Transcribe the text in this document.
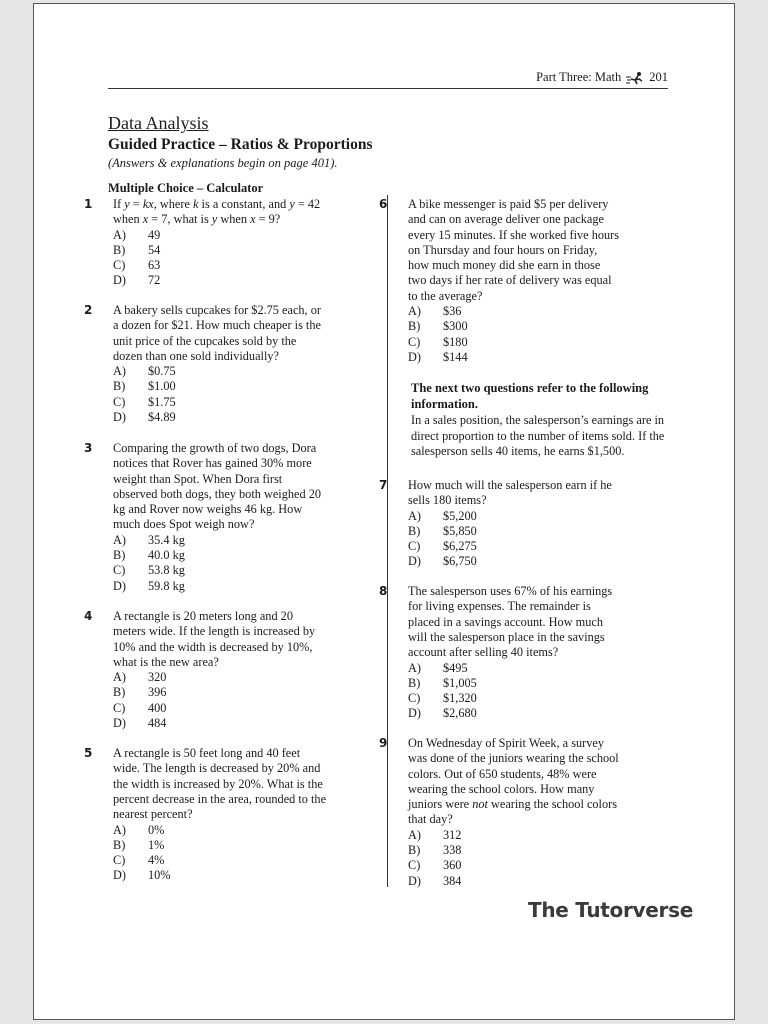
Part Three: Math 201
Data Analysis
Guided Practice – Ratios & Proportions
(Answers & explanations begin on page 401).
Multiple Choice – Calculator
The next two questions refer to the following information.
In a sales position, the salesperson’s earnings are in direct proportion to the number of items sold. If the salesperson sells 40 items, he earns $1,500.
1 If y = kx, where k is a constant, and y = 42
when x = 7, what is y when x = 9?
A)	49
B)	54
C)	63
D)	72
2 A bakery sells cupcakes for $2.75 each, or
a dozen for $21. How much cheaper is the
unit price of the cupcakes sold by the
dozen than one sold individually?
A)	$0.75
B)	$1.00
C)	$1.75
D)	$4.89
3 Comparing the growth of two dogs, Dora
notices that Rover has gained 30% more
weight than Spot. When Dora first
observed both dogs, they both weighed 20
kg and Rover now weighs 46 kg. How
much does Spot weigh now?
A)	35.4 kg
B)	40.0 kg
C)	53.8 kg
D)	59.8 kg
4 A rectangle is 20 meters long and 20
meters wide. If the length is increased by
10% and the width is decreased by 10%,
what is the new area?
A)	320
B)	396
C)	400
D)	484
5 A rectangle is 50 feet long and 40 feet
wide. The length is decreased by 20% and
the width is increased by 20%. What is the
percent decrease in the area, rounded to the
nearest percent?
A)	0%
B)	1%
C)	4%
D)	10%
6 A bike messenger is paid $5 per delivery
and can on average deliver one package
every 15 minutes. If she worked five hours
on Thursday and four hours on Friday,
how much money did she earn in those
two days if her rate of delivery was equal
to the average?
A)	$36
B)	$300
C)	$180
D)	$144
7 How much will the salesperson earn if he
sells 180 items?
A)	$5,200
B)	$5,850
C)	$6,275
D)	$6,750
8 The salesperson uses 67% of his earnings
for living expenses. The remainder is
placed in a savings account. How much
will the salesperson place in the savings
account after selling 40 items?
A)	$495
B)	$1,005
C)	$1,320
D)	$2,680
9 On Wednesday of Spirit Week, a survey
was done of the juniors wearing the school
colors. Out of 650 students, 48% were
wearing the school colors. How many
juniors were not wearing the school colors
that day?
A)	312
B)	338
C)	360
D)	384
The Tutorverse
